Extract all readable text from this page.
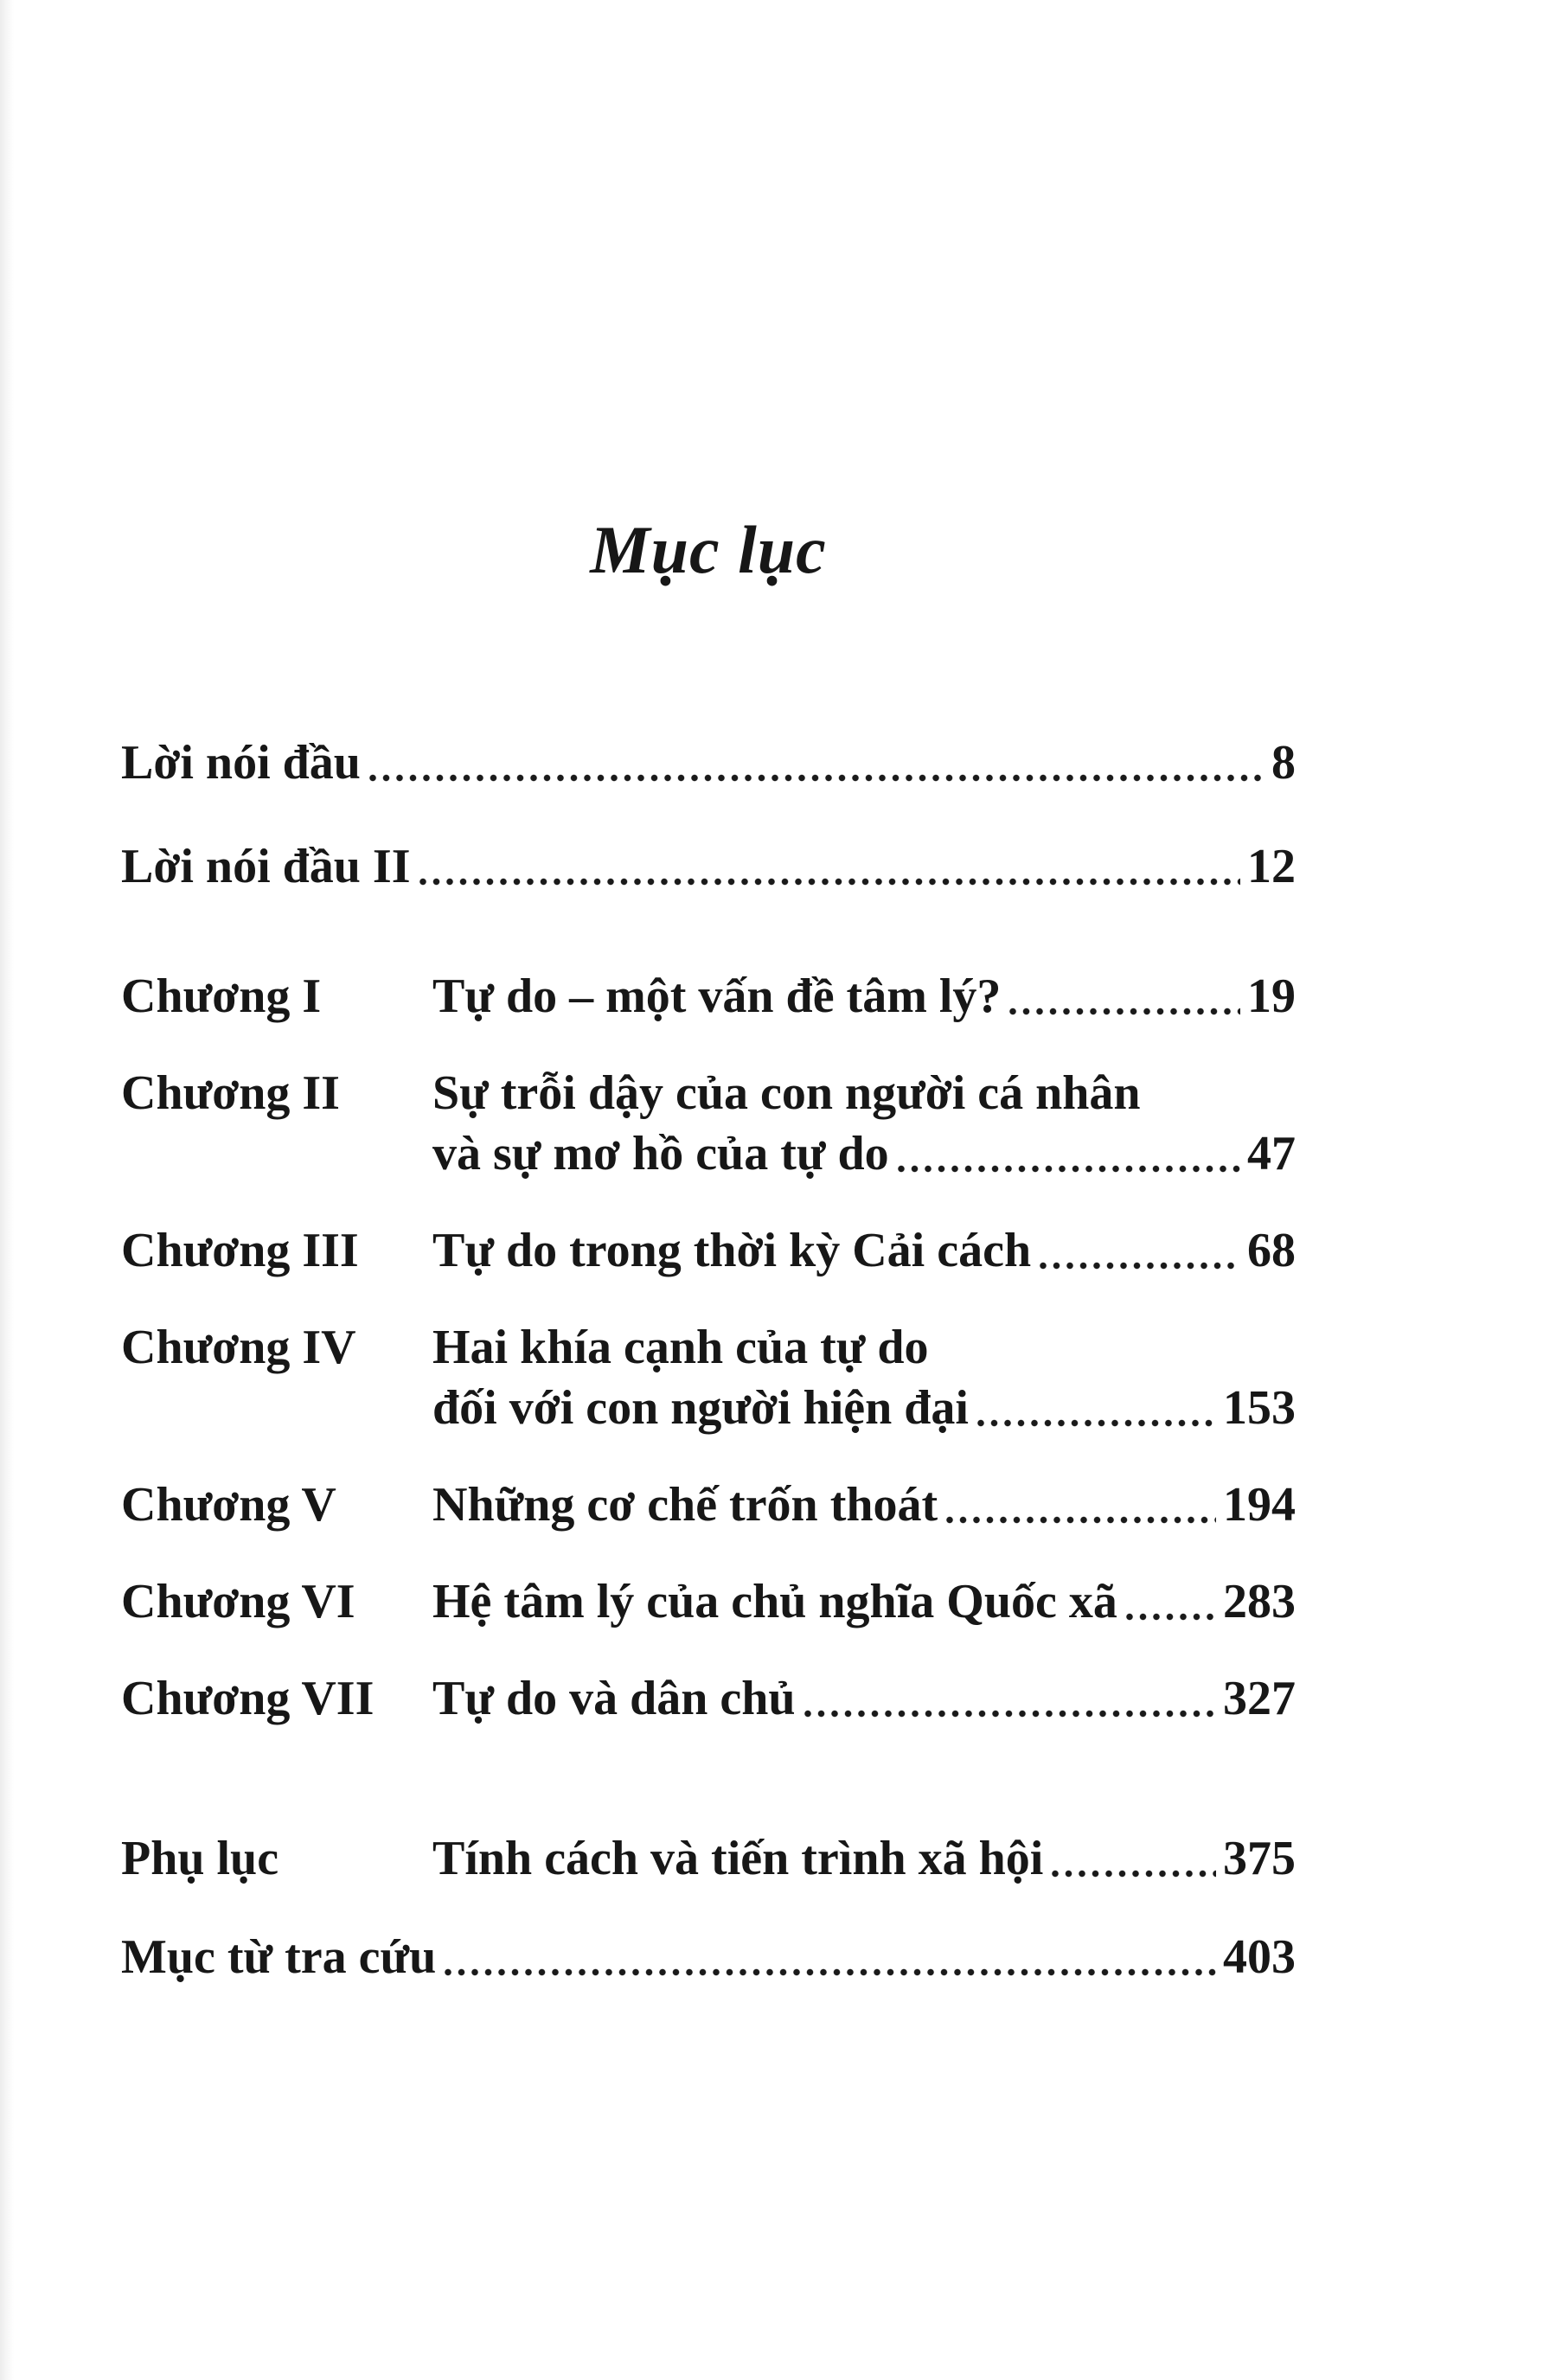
Mục lục
Lời nói đầu	8
Lời nói đầu II	12
Chương I	Tự do – một vấn đề tâm lý?	19
Chương II	Sự trỗi dậy của con người cá nhân
và sự mơ hồ của tự do	47
Chương III	Tự do trong thời kỳ Cải cách	68
Chương IV	Hai khía cạnh của tự do
đối với con người hiện đại	153
Chương V	Những cơ chế trốn thoát	194
Chương VI	Hệ tâm lý của chủ nghĩa Quốc xã 283
Chương VII	Tự do và dân chủ	327
Phụ lục	Tính cách và tiến trình xã hội	375
Mục từ tra cứu	403
